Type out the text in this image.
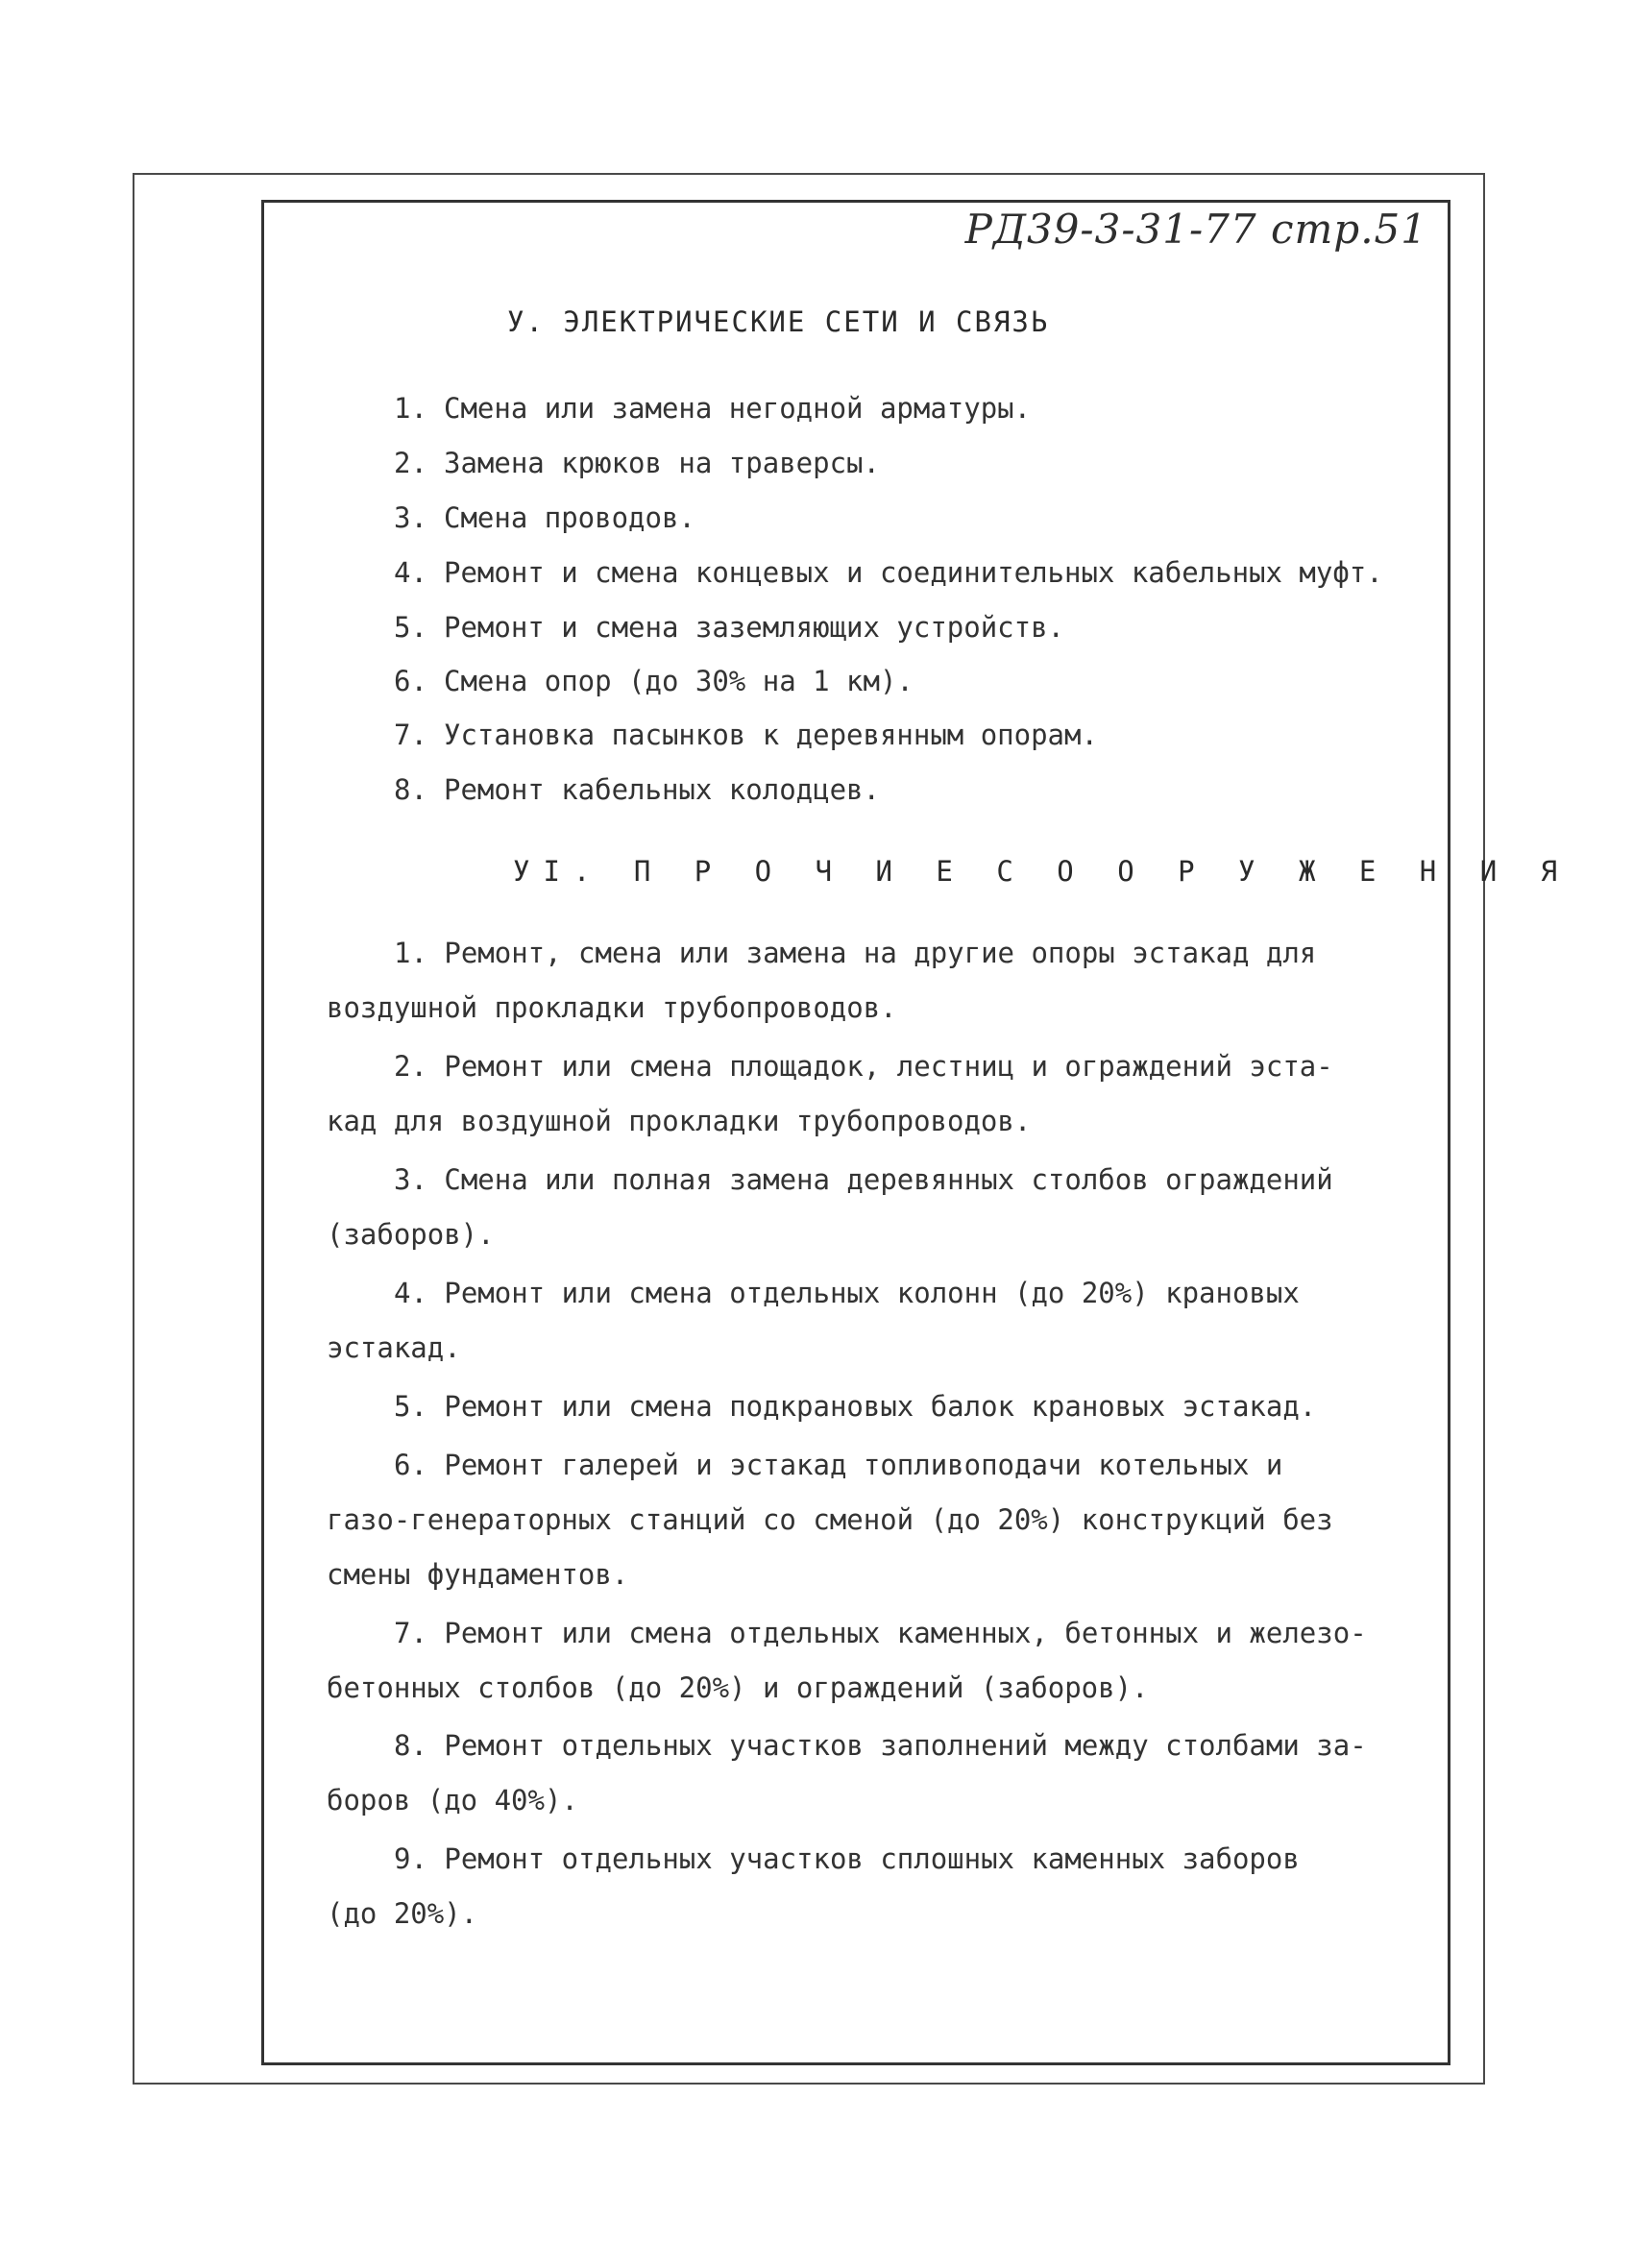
РД39-3-31-77 стр.51
У. ЭЛЕКТРИЧЕСКИЕ СЕТИ И СВЯЗЬ
1. Смена или замена негодной арматуры.
2. Замена крюков на траверсы.
3. Смена проводов.
4. Ремонт и смена концевых и соединительных кабельных муфт.
5. Ремонт и смена заземляющих устройств.
6. Смена опор (до 30% на 1 км).
7. Установка пасынков к деревянным опорам.
8. Ремонт кабельных колодцев.
УI. П Р О Ч И Е С О О Р У Ж Е Н И Я
1. Ремонт, смена или замена на другие опоры эстакад для
воздушной прокладки трубопроводов.
2. Ремонт или смена площадок, лестниц и ограждений эста-
кад для воздушной прокладки трубопроводов.
3. Смена или полная замена деревянных столбов ограждений
(заборов).
4. Ремонт или смена отдельных колонн (до 20%) крановых
эстакад.
5. Ремонт или смена подкрановых балок крановых эстакад.
6. Ремонт галерей и эстакад топливоподачи котельных и
газо-генераторных станций со сменой (до 20%) конструкций без
смены фундаментов.
7. Ремонт или смена отдельных каменных, бетонных и железо-
бетонных столбов (до 20%) и ограждений (заборов).
8. Ремонт отдельных участков заполнений между столбами за-
боров (до 40%).
9. Ремонт отдельных участков сплошных каменных заборов
(до 20%).
